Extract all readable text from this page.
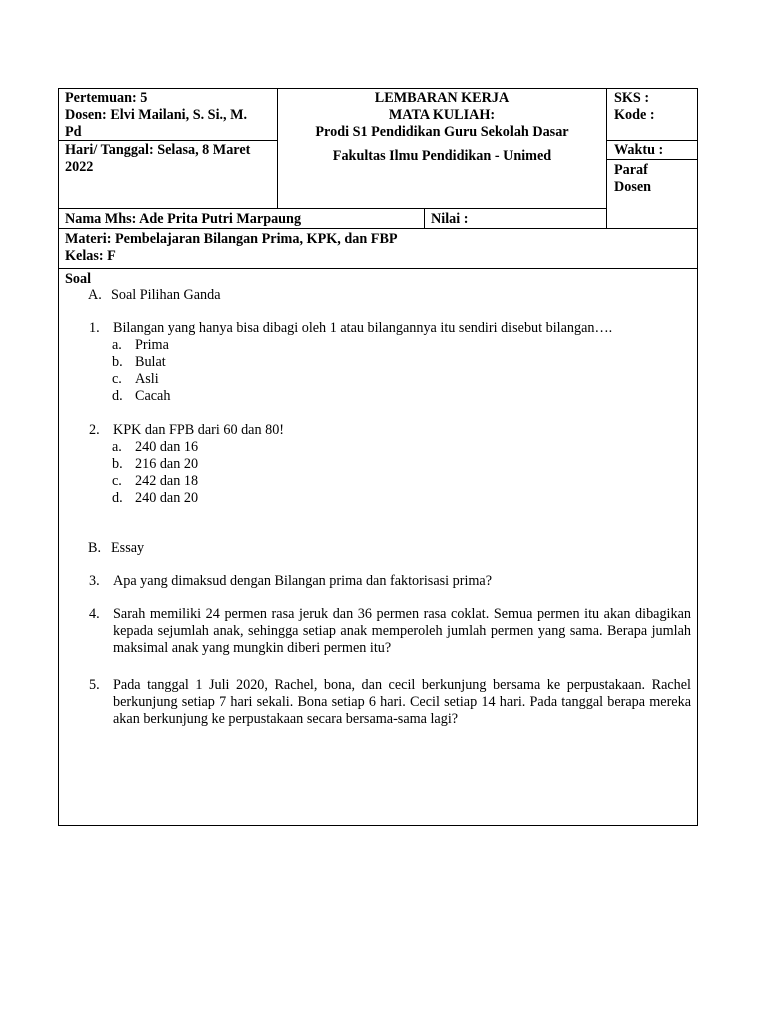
Pertemuan: 5
Dosen: Elvi Mailani, S. Si., M.
Pd
Hari/ Tanggal: Selasa, 8 Maret
2022
LEMBARAN KERJA
MATA KULIAH:
Prodi S1 Pendidikan Guru Sekolah Dasar
Fakultas Ilmu Pendidikan - Unimed
SKS :
Kode :
Waktu :
Paraf
Dosen
Nama Mhs: Ade Prita Putri Marpaung	Nilai :
Materi: Pembelajaran Bilangan Prima, KPK, dan FBP
Kelas: F
Soal
A. Soal Pilihan Ganda
1. Bilangan yang hanya bisa dibagi oleh 1 atau bilangannya itu sendiri disebut bilangan….
a. Prima
b. Bulat
c. Asli
d. Cacah
2. KPK dan FPB dari 60 dan 80!
a. 240 dan 16
b. 216 dan 20
c. 242 dan 18
d. 240 dan 20
B. Essay
3. Apa yang dimaksud dengan Bilangan prima dan faktorisasi prima?
4. Sarah memiliki 24 permen rasa jeruk dan 36 permen rasa coklat. Semua permen itu akan dibagikan kepada sejumlah anak, sehingga setiap anak memperoleh jumlah permen yang sama. Berapa jumlah maksimal anak yang mungkin diberi permen itu?
5. Pada tanggal 1 Juli 2020, Rachel, bona, dan cecil berkunjung bersama ke perpustakaan. Rachel berkunjung setiap 7 hari sekali. Bona setiap 6 hari. Cecil setiap 14 hari. Pada tanggal berapa mereka akan berkunjung ke perpustakaan secara bersama-sama lagi?
